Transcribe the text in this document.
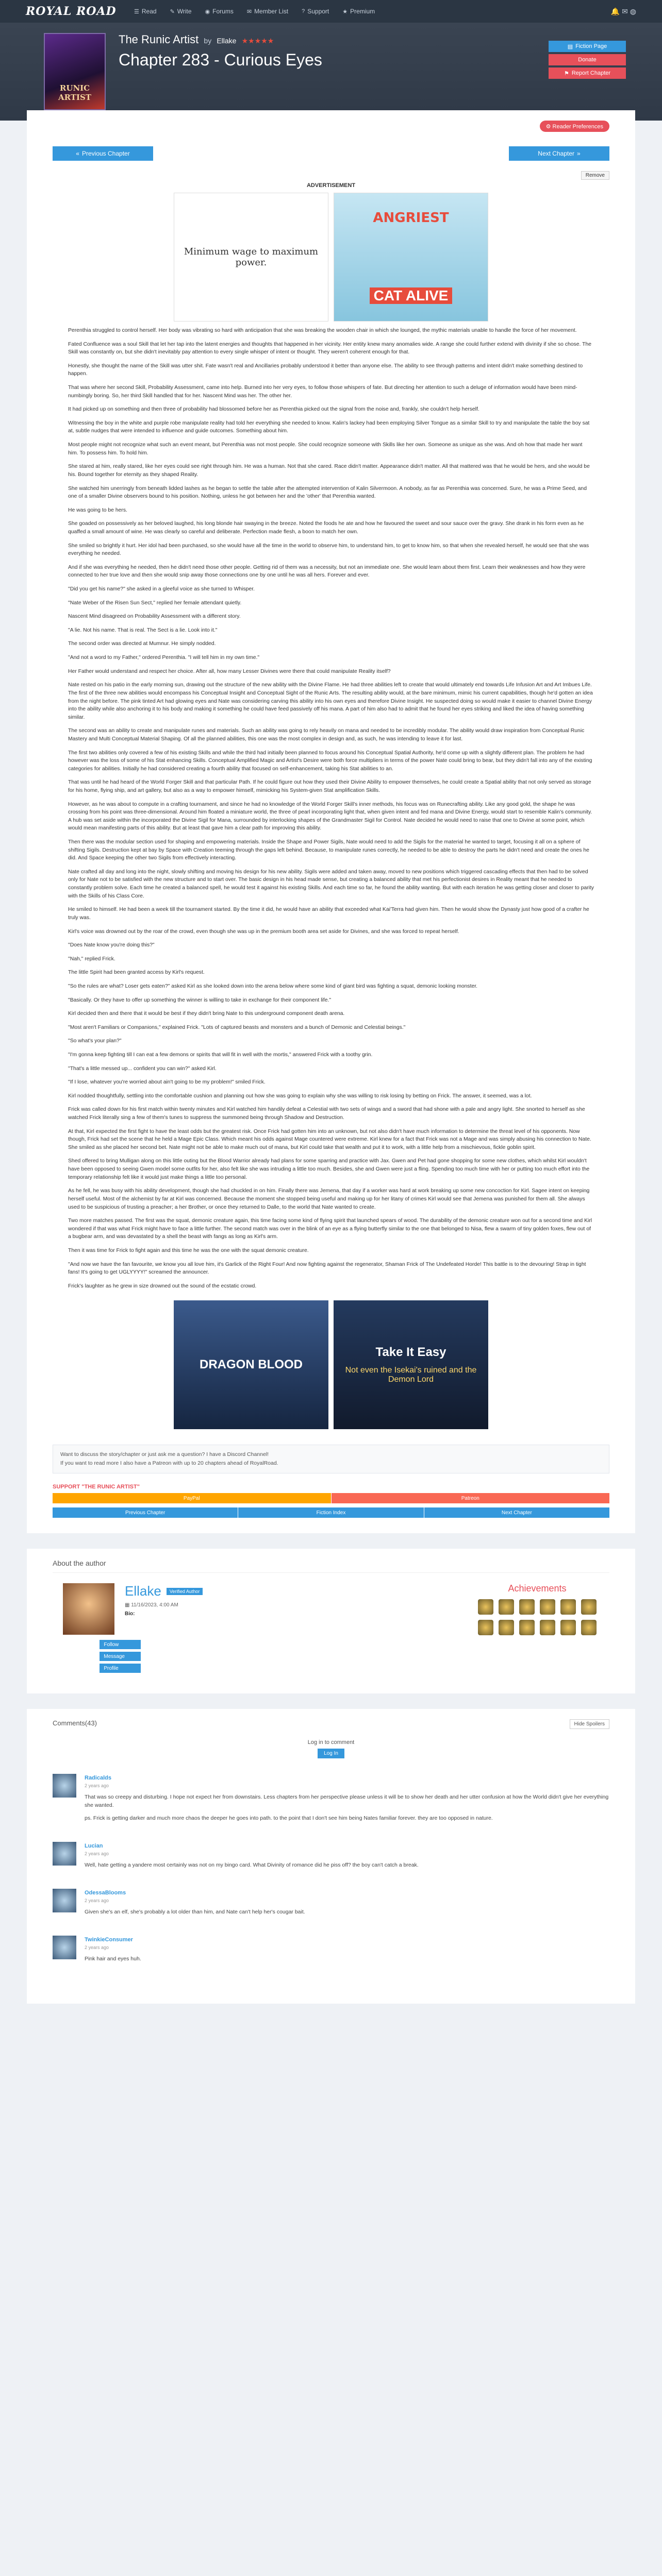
ROYAL ROAD	☰ Read ✎ Write ◉ Forums ✉ Member List ? Support ★ Premium	🔔 ✉ ◍
RUNIC ARTIST
The Runic Artist by Ellake ★★★★★
Chapter 283 - Curious Eyes
▤ Fiction Page
Donate
⚑ Report Chapter
⚙ Reader Preferences
« Previous Chapter	Next Chapter »
Remove
ADVERTISEMENT
Minimum wage to maximum power.
ANGRIEST
CAT ALIVE

Perenthia struggled to control herself. Her body was vibrating so hard with anticipation that she was breaking the wooden chair in which she lounged, the mythic materials unable to handle the force of her movement.

Fated Confluence was a soul Skill that let her tap into the latent energies and thoughts that happened in her vicinity. Her entity knew many anomalies wide. A range she could further extend with divinity if she so chose. The Skill was constantly on, but she didn't inevitably pay attention to every single whisper of intent or thought. They weren't coherent enough for that.

Honestly, she thought the name of the Skill was utter shit. Fate wasn't real and Ancillaries probably understood it better than anyone else. The ability to see through patterns and intent didn't make something destined to happen.

That was where her second Skill, Probability Assessment, came into help. Burned into her very eyes, to follow those whispers of fate. But directing her attention to such a deluge of information would have been mind-numbingly boring. So, her third Skill handled that for her. Nascent Mind was her. The other her.

It had picked up on something and then three of probability had blossomed before her as Perenthia picked out the signal from the noise and, frankly, she couldn't help herself.

Witnessing the boy in the white and purple robe manipulate reality had told her everything she needed to know. Kalin's lackey had been employing Silver Tongue as a similar Skill to try and manipulate the table the boy sat at, subtle nudges that were intended to influence and guide outcomes. Something about him.

Most people might not recognize what such an event meant, but Perenthia was not most people. She could recognize someone with Skills like her own. Someone as unique as she was. And oh how that made her want him. To possess him. To hold him.

She stared at him, really stared, like her eyes could see right through him. He was a human. Not that she cared. Race didn't matter. Appearance didn't matter. All that mattered was that he would be hers, and she would be his. Bound together for eternity as they shaped Reality.

She watched him unerringly from beneath lidded lashes as he began to settle the table after the attempted intervention of Kalin Silvermoon. A nobody, as far as Perenthia was concerned. Sure, he was a Prime Seed, and one of a smaller Divine observers bound to his position. Nothing, unless he got between her and the 'other' that Perenthia wanted.

He was going to be hers.

She goaded on possessively as her beloved laughed, his long blonde hair swaying in the breeze. Noted the foods he ate and how he favoured the sweet and sour sauce over the gravy. She drank in his form even as he quaffed a small amount of wine. He was clearly so careful and deliberate. Perfection made flesh, a boon to match her own.

She smiled so brightly it hurt. Her idol had been purchased, so she would have all the time in the world to observe him, to understand him, to get to know him, so that when she revealed herself, he would see that she was everything he needed.

And if she was everything he needed, then he didn't need those other people. Getting rid of them was a necessity, but not an immediate one. She would learn about them first. Learn their weaknesses and how they were connected to her true love and then she would snip away those connections one by one until he was all hers. Forever and ever.

"Did you get his name?" she asked in a gleeful voice as she turned to Whisper.

"Nate Weber of the Risen Sun Sect," replied her female attendant quietly.

Nascent Mind disagreed on Probability Assessment with a different story.

"A lie. Not his name. That is real. The Sect is a lie. Look into it."

The second order was directed at Mumnur. He simply nodded.

"And not a word to my Father," ordered Perenthia. "I will tell him in my own time."

Her Father would understand and respect her choice. After all, how many Lesser Divines were there that could manipulate Reality itself?

Nate rested on his patio in the early morning sun, drawing out the structure of the new ability with the Divine Flame. He had three abilities left to create that would ultimately end towards Life Infusion Art and Art Imbues Life. The first of the three new abilities would encompass his Conceptual Insight and Conceptual Sight of the Runic Arts. The resulting ability would, at the bare minimum, mimic his current capabilities, though he'd gotten an idea from the night before. The pink tinted Art had glowing eyes and Nate was considering carving this ability into his own eyes and therefore Divine Insight. He suspected doing so would make it easier to channel Divine Energy into the ability while also anchoring it to his body and making it something he could have feed passively off his mana. A part of him also had to admit that he found her eyes striking and liked the idea of having something similar.

The second was an ability to create and manipulate runes and materials. Such an ability was going to rely heavily on mana and needed to be incredibly modular. The ability would draw inspiration from Conceptual Runic Mastery and Multi Conceptual Material Shaping. Of all the planned abilities, this one was the most complex in design and, as such, he was intending to leave it for last.

The first two abilities only covered a few of his existing Skills and while the third had initially been planned to focus around his Conceptual Spatial Authority, he'd come up with a slightly different plan. The problem he had however was the loss of some of his Stat enhancing Skills. Conceptual Amplified Magic and Artist's Desire were both force multipliers in terms of the power Nate could bring to bear, but they didn't fall into any of the existing categories for abilities. Initially he had considered creating a fourth ability that focused on self-enhancement, taking his Stat abilities to an.

That was until he had heard of the World Forger Skill and that particular Path. If he could figure out how they used their Divine Ability to empower themselves, he could create a Spatial ability that not only served as storage for his home, flying ship, and art gallery, but also as a way to empower himself, mimicking his System-given Stat amplification Skills.

However, as he was about to compute in a crafting tournament, and since he had no knowledge of the World Forger Skill's inner methods, his focus was on Runecrafting ability. Like any good gold, the shape he was crossing from his point was three-dimensional. Around him floated a miniature world, the three of pearl incorporating light that, when given intent and fed mana and Divine Energy, would start to resemble Kalin's community. A hub was set aside within the incorporated the Divine Sigil for Mana, surrounded by interlocking shapes of the Grandmaster Sigil for Control. Nate decided he would need to raise that one to Divine at some point, which would mean manifesting parts of this ability. But at least that gave him a clear path for improving this ability.

Then there was the modular section used for shaping and empowering materials. Inside the Shape and Power Sigils, Nate would need to add the Sigils for the material he wanted to target, focusing it all on a sphere of shifting Sigils. Destruction kept at bay by Space with Creation teeming through the gaps left behind. Because, to manipulate runes correctly, he needed to be able to destroy the parts he didn't need and create the ones he did. And Space keeping the other two Sigils from effectively interacting.

Nate crafted all day and long into the night, slowly shifting and moving his design for his new ability. Sigils were added and taken away, moved to new positions which triggered cascading effects that then had to be solved only for Nate not to be satisfied with the new structure and to start over. The basic design in his head made sense, but creating a balanced ability that met his perfectionist desires in Reality meant that he needed to constantly problem solve. Each time he created a balanced spell, he would test it against his existing Skills. And each time so far, he found the ability wanting. But with each iteration he was getting closer and closer to parity with the Skills of his Class Core.

He smiled to himself. He had been a week till the tournament started. By the time it did, he would have an ability that exceeded what Kai'Terra had given him. Then he would show the Dynasty just how good of a crafter he truly was.

Kirl's voice was drowned out by the roar of the crowd, even though she was up in the premium booth area set aside for Divines, and she was forced to repeat herself.

"Does Nate know you're doing this?"

"Nah," replied Frick.

The little Spirit had been granted access by Kirl's request.

"So the rules are what? Loser gets eaten?" asked Kirl as she looked down into the arena below where some kind of giant bird was fighting a squat, demonic looking monster.

"Basically. Or they have to offer up something the winner is willing to take in exchange for their component life."

Kirl decided then and there that it would be best if they didn't bring Nate to this underground component death arena.

"Most aren't Familiars or Companions," explained Frick. "Lots of captured beasts and monsters and a bunch of Demonic and Celestial beings."

"So what's your plan?"

"I'm gonna keep fighting till I can eat a few demons or spirits that will fit in well with the mortis," answered Frick with a toothy grin.

"That's a little messed up... confident you can win?" asked Kirl.

"If I lose, whatever you're worried about ain't going to be my problem!" smiled Frick.

Kirl nodded thoughtfully, settling into the comfortable cushion and planning out how she was going to explain why she was willing to risk losing by betting on Frick. The answer, it seemed, was a lot.

Frick was called down for his first match within twenty minutes and Kirl watched him handily defeat a Celestial with two sets of wings and a sword that had shone with a pale and angry light. She snorted to herself as she watched Frick literally sing a few of them's tunes to suppress the summoned being through Shadow and Destruction.

At that, Kirl expected the first fight to have the least odds but the greatest risk. Once Frick had gotten him into an unknown, but not also didn't have much information to determine the threat level of his opponents. Now though, Frick had set the scene that he held a Mage Epic Class. Which meant his odds against Mage countered were extreme. Kirl knew for a fact that Frick was not a Mage and was simply abusing his connection to Nate. She smiled as she placed her second bet. Nate might not be able to make much out of mana, but Kirl could take that wealth and put it to work, with a little help from a mischievous, fickle goblin spirit.

Shed offered to bring Mulligan along on this little outing but the Blood Warrior already had plans for some sparring and practice with Jax. Gwen and Pet had gone shopping for some new clothes, which whilst Kirl wouldn't have been opposed to seeing Gwen model some outfits for her, also felt like she was intruding a little too much. Besides, she and Gwen were just a fling. Spending too much time with her or putting too much effort into the temporary relationship felt like it would just make things a little too personal.

As he fell, he was busy with his ability development, though she had chuckled in on him. Finally there was Jemena, that day if a worker was hard at work breaking up some new concoction for Kirl. Sagee intent on keeping herself useful. Most of the alchemist by far at Kirl was concerned. Because the moment she stopped being useful and making up for her litany of crimes Kirl would see that Jemena was punished for them all. She always used to be suspicious of trusting a preacher; a her Brother, or once they returned to Dalle, to the world that Nate wanted to create.

Two more matches passed. The first was the squat, demonic creature again, this time facing some kind of flying spirit that launched spears of wood. The durability of the demonic creature won out for a second time and Kirl wondered if that was what Frick might have to face a little further. The second match was over in the blink of an eye as a flying butterfly similar to the one that belonged to Nisa, flew a swarm of tiny golden foxes, flew out of a bugbear arm, and was devastated by a shell the beast with fangs as long as Kirl's arm.

Then it was time for Frick to fight again and this time he was the one with the squat demonic creature.

"And now we have the fan favourite, we know you all love him, it's Garlick of the Right Four! And now fighting against the regenerator, Shaman Frick of The Undefeated Horde! This battle is to the devouring! Strap in tight fans! It's going to get UGLYYYY!" screamed the announcer.

Frick's laughter as he grew in size drowned out the sound of the ecstatic crowd.

DRAGON BLOOD
Take It Easy
Not even the Isekai's ruined and the Demon Lord
Want to discuss the story/chapter or just ask me a question? I have a Discord Channel!
If you want to read more I also have a Patreon with up to 20 chapters ahead of RoyalRoad.
SUPPORT "THE RUNIC ARTIST"
PayPal	Patreon
Previous Chapter	Fiction Index	Next Chapter
About the author
Ellake	Verified Author
▦ 11/16/2023, 4:00 AM
Bio:
Follow
Message
Profile
Achievements
Comments(43)	Hide Spoilers
Log in to comment
Log In
Radicalds
2 years ago

That was so creepy and disturbing. I hope not expect her from downstairs. Less chapters from her perspective please unless it will be to show her death and her utter confusion at how the World didn't give her everything she wanted.

ps. Frick is getting darker and much more chaos the deeper he goes into path. to the point that I don't see him being Nates familiar forever. they are too opposed in nature.

Lucian
2 years ago

Well, hate getting a yandere most certainly was not on my bingo card. What Divinity of romance did he piss off? the boy can't catch a break.

OdessaBlooms
2 years ago

Given she's an elf, she's probably a lot older than him, and Nate can't help her's cougar bait.

TwinkieConsumer
2 years ago

Pink hair and eyes huh.
